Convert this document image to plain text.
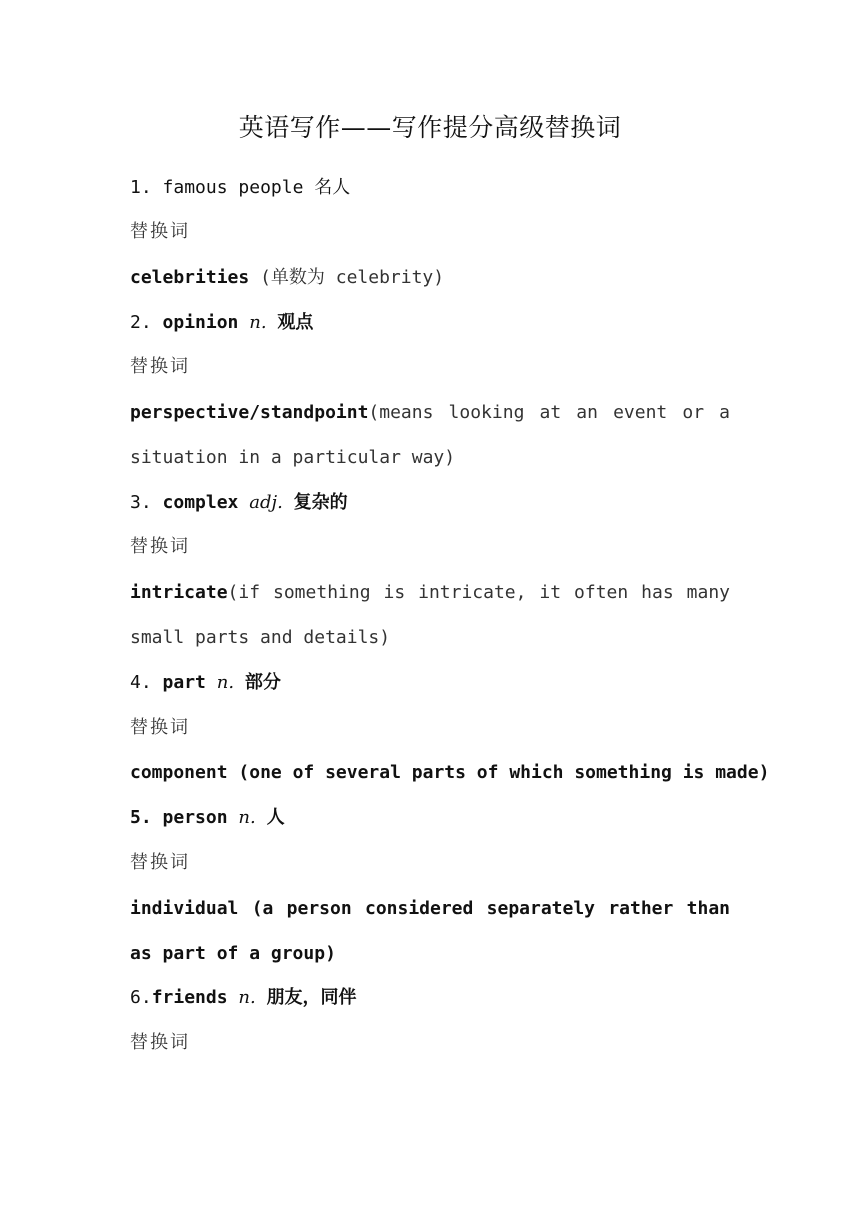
英语写作——写作提分高级替换词
1. famous people 名人
替换词
celebrities (单数为 celebrity)
2. opinion n. 观点
替换词
perspective/standpoint(means looking at an event or a situation in a particular way)
3. complex adj. 复杂的
替换词
intricate(if something is intricate, it often has many small parts and details)
4. part n. 部分
替换词
component (one of several parts of which something is made)
5. person n. 人
替换词
individual (a person considered separately rather than as part of a group)
6.friends n. 朋友，同伴
替换词
